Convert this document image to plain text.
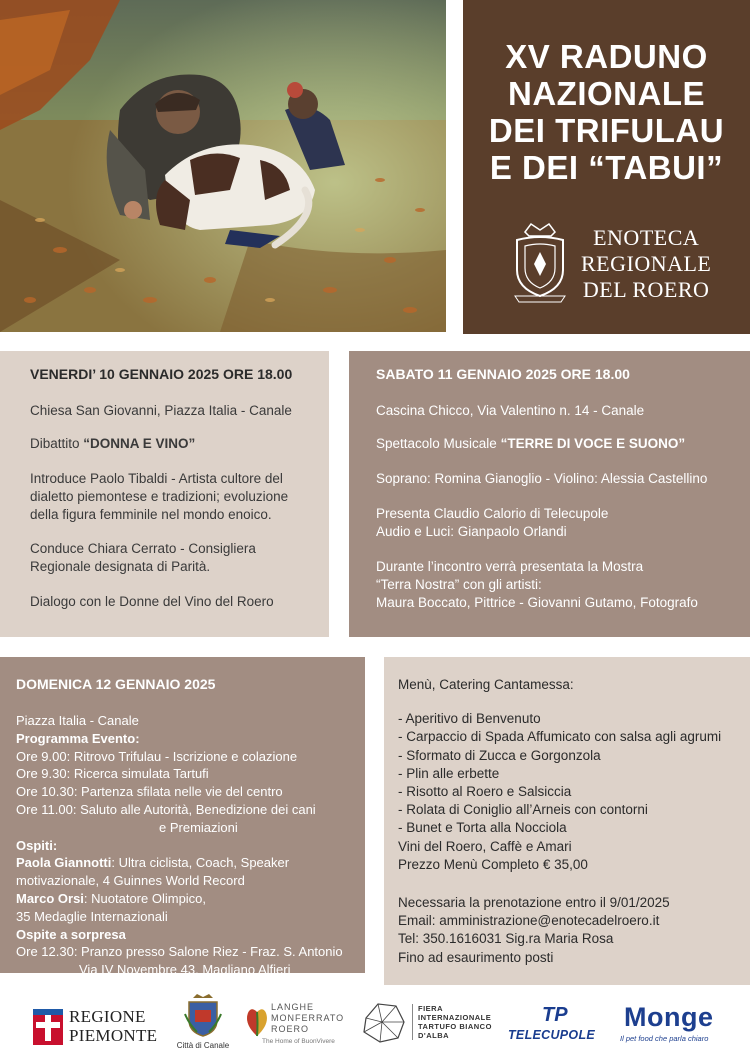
XV RADUNO
NAZIONALE
DEI TRIFULAU
E DEI “TABUI”
ENOTECA
REGIONALE
DEL ROERO
VENERDI’ 10 GENNAIO 2025 ORE 18.00
Chiesa San Giovanni, Piazza Italia - Canale
Dibattito “DONNA E VINO”
Introduce Paolo Tibaldi - Artista cultore del dialetto piemontese e tradizioni; evoluzione della figura femminile nel mondo enoico.
Conduce Chiara Cerrato - Consigliera Regionale designata di Parità.
Dialogo con le Donne del Vino del Roero
SABATO 11 GENNAIO 2025 ORE 18.00
Cascina Chicco, Via Valentino n. 14 - Canale
Spettacolo Musicale “TERRE DI VOCE E SUONO”
Soprano: Romina Gianoglio - Violino: Alessia Castellino
Presenta Claudio Calorio di Telecupole
Audio e Luci: Gianpaolo Orlandi
Durante l’incontro verrà presentata la Mostra
“Terra Nostra” con gli artisti:
Maura Boccato, Pittrice - Giovanni Gutamo, Fotografo
DOMENICA 12 GENNAIO 2025
Piazza Italia - Canale
Programma Evento:
Ore 9.00: Ritrovo Trifulau - Iscrizione e colazione
Ore 9.30: Ricerca simulata Tartufi
Ore 10.30: Partenza sfilata nelle vie del centro
Ore 11.00: Saluto alle Autorità, Benedizione dei cani
e Premiazioni
Ospiti:
Paola Giannotti: Ultra ciclista, Coach, Speaker
motivazionale, 4 Guinnes World Record
Marco Orsi: Nuotatore Olimpico,
35 Medaglie Internazionali
Ospite a sorpresa
Ore 12.30: Pranzo presso Salone Riez - Fraz. S. Antonio
Via IV Novembre 43, Magliano Alfieri
Menù, Catering Cantamessa:
- Aperitivo di Benvenuto
- Carpaccio di Spada Affumicato con salsa agli agrumi
- Sformato di Zucca e Gorgonzola
- Plin alle erbette
- Risotto al Roero e Salsiccia
- Rolata di Coniglio all’Arneis con contorni
- Bunet e Torta alla Nocciola
Vini del Roero, Caffè e Amari
Prezzo Menù Completo € 35,00
Necessaria la prenotazione entro il 9/01/2025
Email: amministrazione@enotecadelroero.it
Tel: 350.1616031 Sig.ra Maria Rosa
Fino ad esaurimento posti
REGIONE
PIEMONTE
Città di Canale
LANGHE
MONFERRATO
ROERO
The Home of BuonVivere
FIERA
INTERNAZIONALE
TARTUFO BIANCO
D'ALBA
TP
TELECUPOLE
Monge
Il pet food che parla chiaro
